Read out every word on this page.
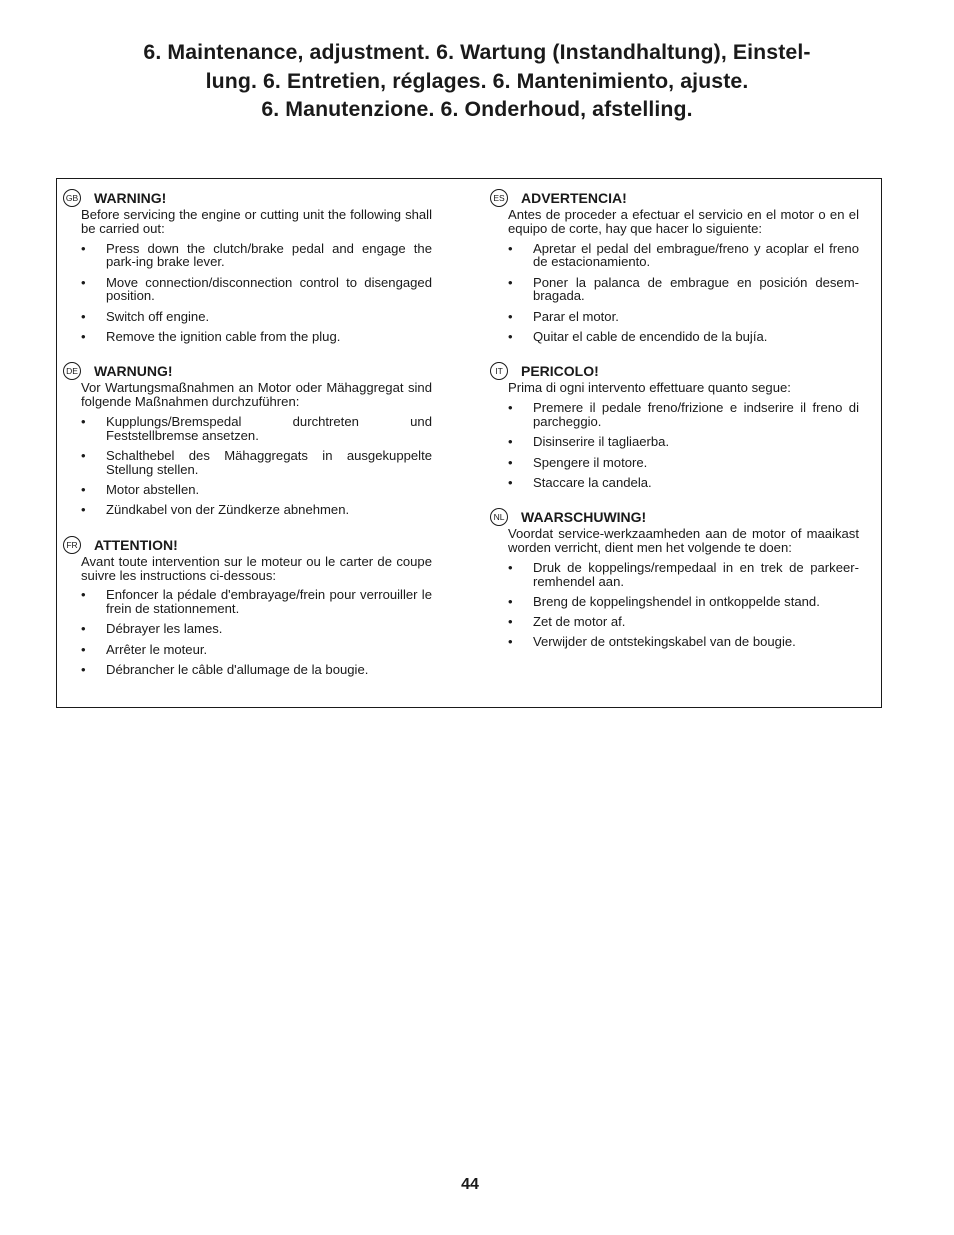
6. Maintenance, adjustment. 6. Wartung (Instandhaltung), Einstel-
lung. 6. Entretien, réglages. 6. Mantenimiento, ajuste.
6. Manutenzione. 6. Onderhoud, afstelling.
GB WARNING!
Before servicing the engine or cutting unit the following shall be carried out:
• Press down the clutch/brake pedal and engage the park-ing brake lever.
• Move connection/disconnection control to disengaged position.
• Switch off engine.
• Remove the ignition cable from the plug.
DE WARNUNG!
Vor Wartungsmaßnahmen an Motor oder Mähaggregat sind folgende Maßnahmen durchzuführen:
• Kupplungs/Bremspedal durchtreten und Feststellbremse ansetzen.
• Schalthebel des Mähaggregats in ausgekuppelte Stellung stellen.
• Motor abstellen.
• Zündkabel von der Zündkerze abnehmen.
FR ATTENTION!
Avant toute intervention sur le moteur ou le carter de coupe suivre les instructions ci-dessous:
• Enfoncer la pédale d'embrayage/frein pour verrouiller le frein de stationnement.
• Débrayer les lames.
• Arrêter le moteur.
• Débrancher le câble d'allumage de la bougie.
ES ADVERTENCIA!
Antes de proceder a efectuar el servicio en el motor o en el equipo de corte, hay que hacer lo siguiente:
• Apretar el pedal del embrague/freno y acoplar el freno de estacionamiento.
• Poner la palanca de embrague en posición desem-bragada.
• Parar el motor.
• Quitar el cable de encendido de la bujía.
IT	PERICOLO!
Prima di ogni intervento effettuare quanto segue:
• Premere il pedale freno/frizione e indserire il freno di parcheggio.
• Disinserire il tagliaerba.
• Spengere il motore.
• Staccare la candela.
NL WAARSCHUWING!
Voordat service-werkzaamheden aan de motor of maaikast worden verricht, dient men het volgende te doen:
• Druk de koppelings/rempedaal in en trek de parkeer-remhendel aan.
• Breng de koppelingshendel in ontkoppelde stand.
• Zet de motor af.
• Verwijder de ontstekingskabel van de bougie.
44
